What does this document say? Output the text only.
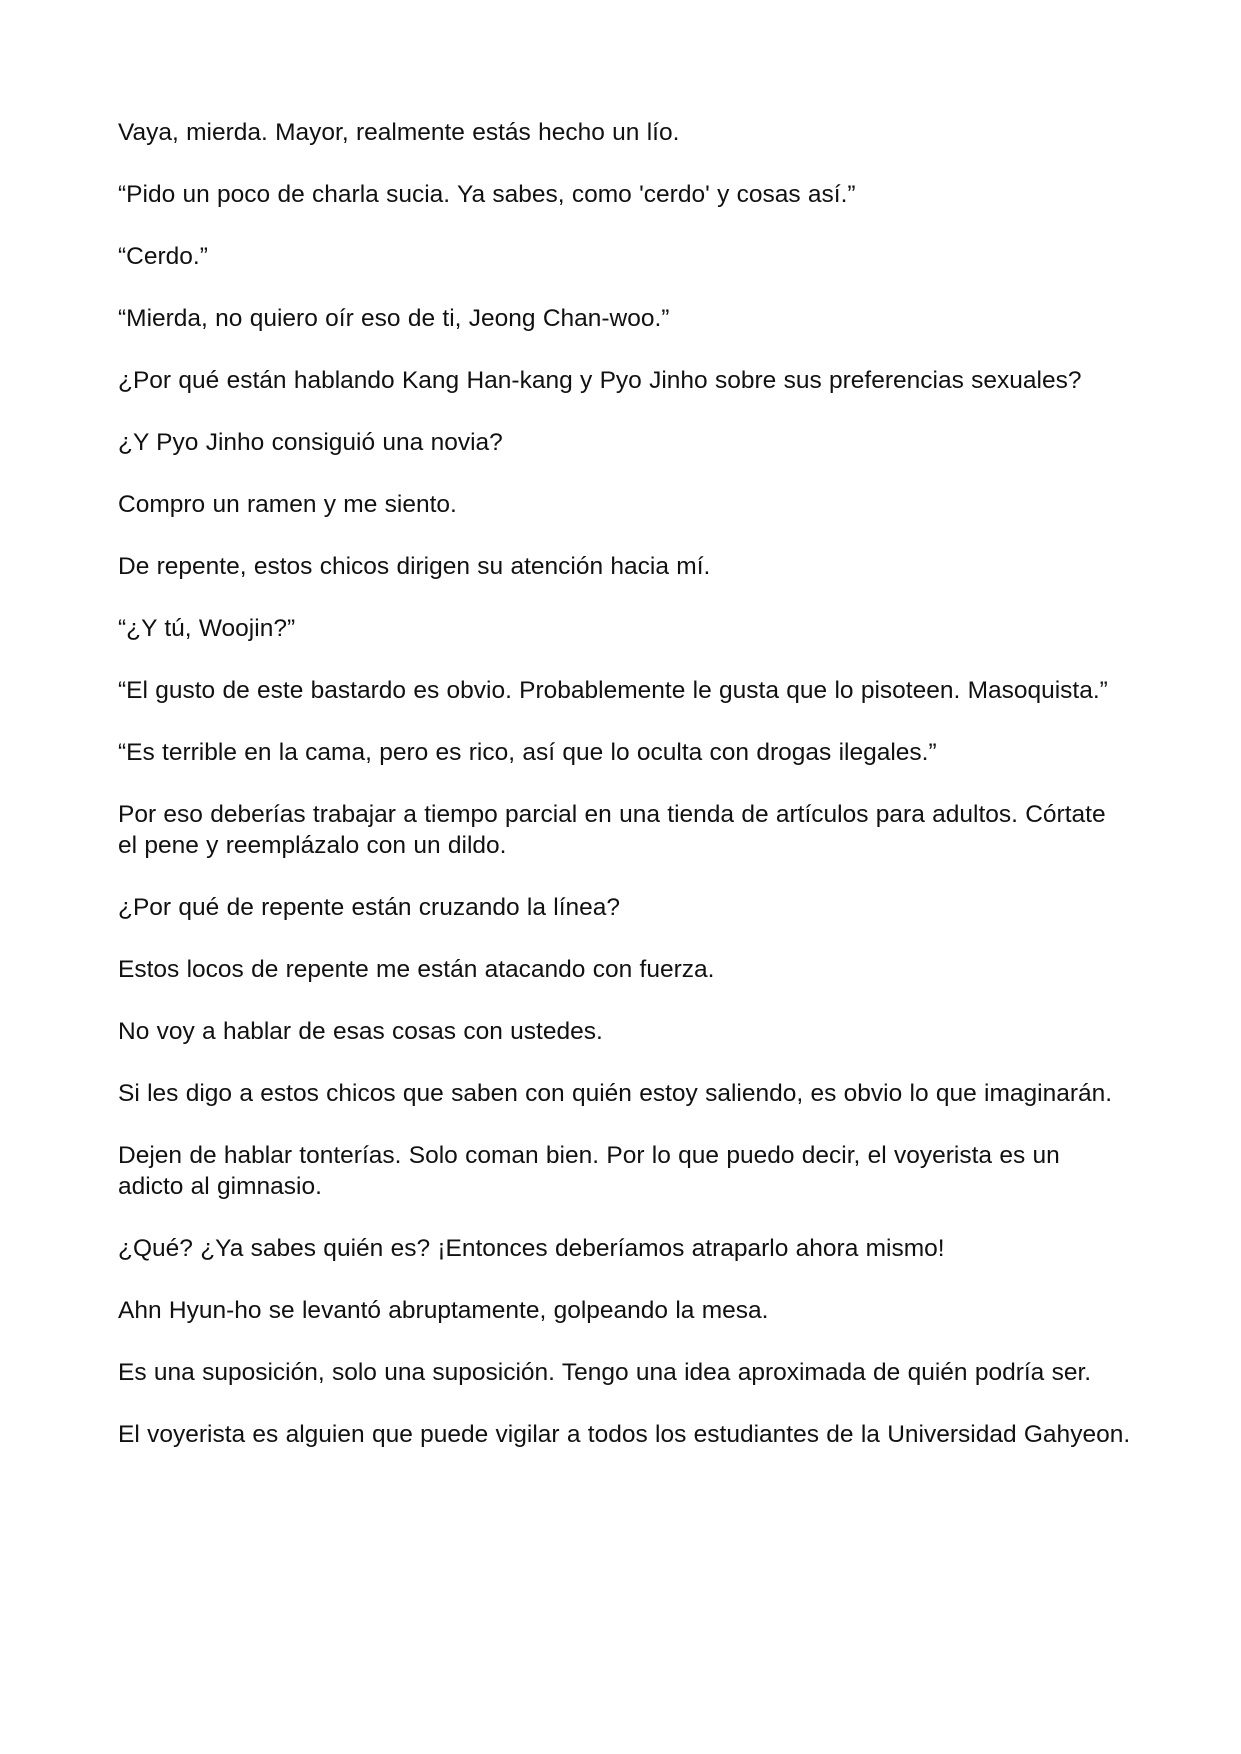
Vaya, mierda. Mayor, realmente estás hecho un lío.

“Pido un poco de charla sucia. Ya sabes, como 'cerdo' y cosas así.”

“Cerdo.”

“Mierda, no quiero oír eso de ti, Jeong Chan-woo.”

¿Por qué están hablando Kang Han-kang y Pyo Jinho sobre sus preferencias sexuales?

¿Y Pyo Jinho consiguió una novia?

Compro un ramen y me siento.

De repente, estos chicos dirigen su atención hacia mí.

“¿Y tú, Woojin?”

“El gusto de este bastardo es obvio. Probablemente le gusta que lo pisoteen. Masoquista.”

“Es terrible en la cama, pero es rico, así que lo oculta con drogas ilegales.”

Por eso deberías trabajar a tiempo parcial en una tienda de artículos para adultos. Córtate el pene y reemplázalo con un dildo.

¿Por qué de repente están cruzando la línea?

Estos locos de repente me están atacando con fuerza.

No voy a hablar de esas cosas con ustedes.

Si les digo a estos chicos que saben con quién estoy saliendo, es obvio lo que imaginarán.

Dejen de hablar tonterías. Solo coman bien. Por lo que puedo decir, el voyerista es un adicto al gimnasio.

¿Qué? ¿Ya sabes quién es? ¡Entonces deberíamos atraparlo ahora mismo!

Ahn Hyun-ho se levantó abruptamente, golpeando la mesa.

Es una suposición, solo una suposición. Tengo una idea aproximada de quién podría ser.

El voyerista es alguien que puede vigilar a todos los estudiantes de la Universidad Gahyeon.
